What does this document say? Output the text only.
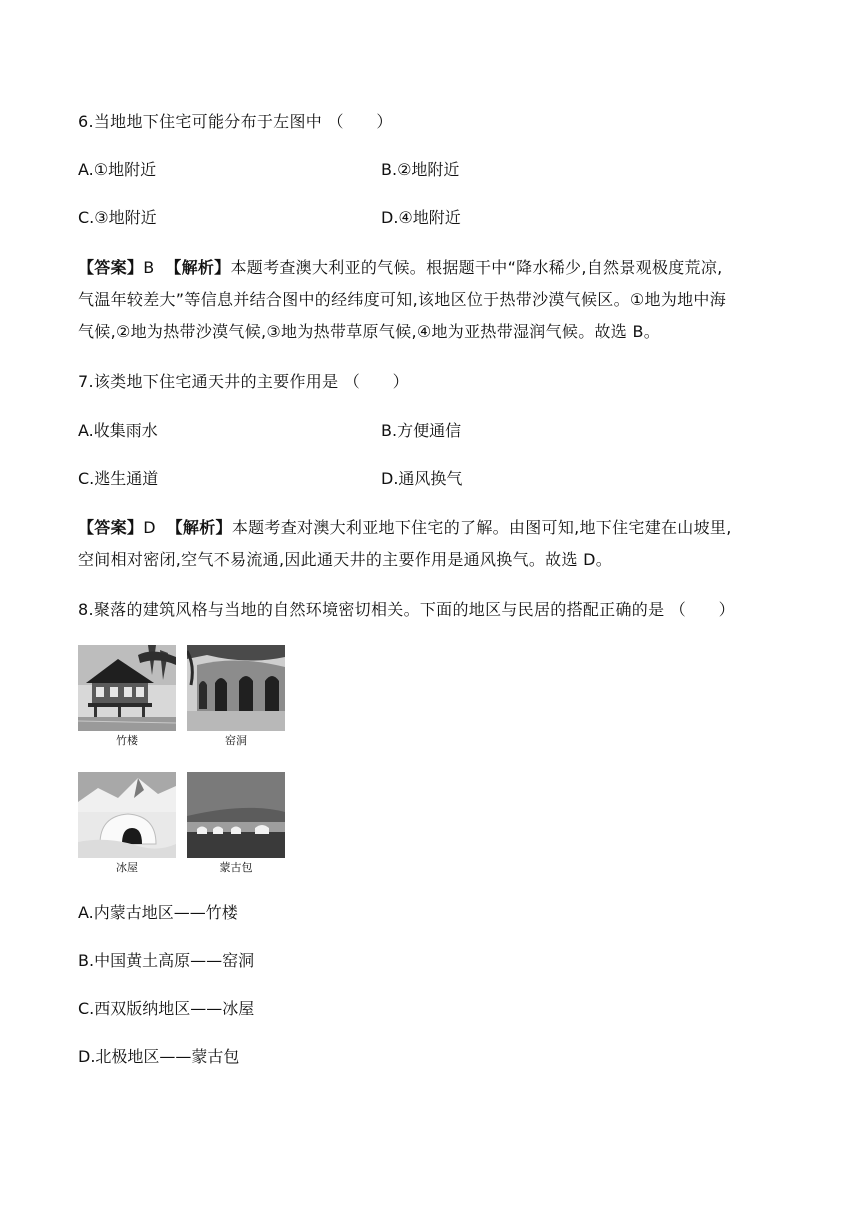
6.当地地下住宅可能分布于左图中 （　　）
A.①地附近	B.②地附近
C.③地附近	D.④地附近
【答案】B 【解析】本题考查澳大利亚的气候。根据题干中“降水稀少,自然景观极度荒凉,
气温年较差大”等信息并结合图中的经纬度可知,该地区位于热带沙漠气候区。①地为地中海
气候,②地为热带沙漠气候,③地为热带草原气候,④地为亚热带湿润气候。故选 B。
7.该类地下住宅通天井的主要作用是 （　　）
A.收集雨水	B.方便通信
C.逃生通道	D.通风换气
【答案】D 【解析】本题考查对澳大利亚地下住宅的了解。由图可知,地下住宅建在山坡里,
空间相对密闭,空气不易流通,因此通天井的主要作用是通风换气。故选 D。
8.聚落的建筑风格与当地的自然环境密切相关。下面的地区与民居的搭配正确的是 （　　）
竹楼	窑洞
冰屋	蒙古包
A.内蒙古地区——竹楼
B.中国黄土高原——窑洞
C.西双版纳地区——冰屋
D.北极地区——蒙古包
